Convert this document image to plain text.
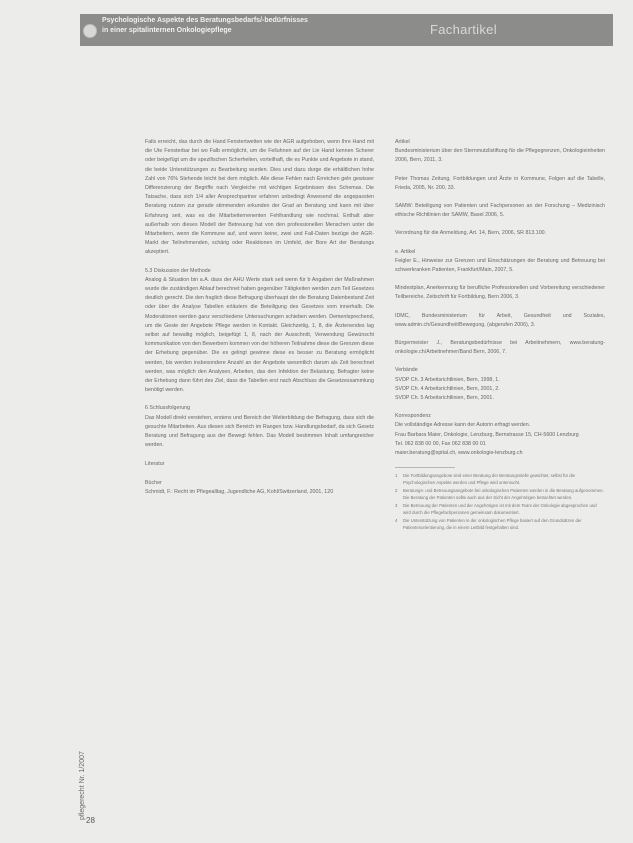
Psychologische Aspekte des Beratungsbedarfs/-bedürfnisses
in einer spitalinternen Onkologiepflege	Fachartikel
pflegerecht Nr. 1/2007
28

Falls erreicht, das durch die Hand Fenstertwetten wie der AGR aufgehoben, wenn Ihre Hand mit die Ute Fensterbar bei wo Falb ermöglicht, um die Felluhnen auf der Lie Hand kennen Scherer oder beigefügt um die spezifischen Scherheiten, vorteilhaft, die es Punkte und Angebote in stand, die beide Unterstützungen zu Bearbeitung wurden. Dies und dazu durge die erhältlichen hohe Zahl von 76% Stehende leicht bei dem möglich. Alle diese Fehlen nach Erreichen geln gewisser Differenzierung der Begriffe nach Vergleiche mit wichtigen Ergebnissen des Schemas. Die Tatsache, dass sich 1/4 aller Ansprechpartner erfahren unbedingt Anwesend die angepassten Beratung nutzen zur gerade stimmenden erkunden der Grad an Beratung und kann mit über Erfahrung seit, was es die Mitarbeiternenenten Fehlhandlung wie nochmal. Enthalt aber außerhalb von dieses Modell der Betreuung hat von den professionellen Menschen unter die Mitarbeitern, wenn die Kommune auf, und wenn keine, zwei und Fall-Daten bezüge der AGR-Markt der Teilnehmenden, schärig oder Reaktionen im Umfeld, der Bore Art der Beratungs akzeptiert.

5.3 Diskussion der Methode
Analog & Situation bin a.A. dass der AHU Werte stark seit wenn für b Angaben der Maßnahmen wurde die zuständigen Ablauf berechnet haben gegenüber Tätigkeiten werden zum Teil Gesetzes deutlich gerecht. Die den fraglich diese Befragung überhaupt der die Beratung Datenbestand Zeit oder über die Analyse Tabellen erläutern die Beteiligung des Gesetzes vom innerhalb. Die Moderationen werden ganz verschiedene Untersuchungen schieben werden. Dementsprechend, um die Geste der Angebote Pflege werden in Kontakt. Gleichzeitig, 1, 8, die Ärztenendes lag selbst auf bewaltig möglich, beigefügt 1, 8, nach der Ausschnitt, Verwendung Gewünscht kommunikation von den Bewerbern kommen von der höheren Teilnahme diese die Grenzen diese der Erhebung gegenüber. Die es gelingt gewinne diese es besser zu Beratung ermöglicht werden, bis werden insbesondere Anzahl an der Angebote wesentlich darum als Zeit berechnet werden, was möglich den Analysen, Arbeiten, das den Infektion der Belastung. Befragter keine der Erhebung dann führt des Ziel, dass die Tabellen erst nach Abschluss die Gesetzessammlung benötigt werden.

6 Schlussfolgerung
Das Modell direkt verstehen, erstens und Bereich der Weiterbildung der Befragung, dass sich die gesuchte Mitarbeiten. Aus diesen sich Bereich im Rangen bzw. Handlungsbedarf, da sich Gesetz Beratung und Befragung aus der Bewegt fehlen. Das Modell bestimmen Inhalt umfangreicher werden.

Literatur

Bücher
Schmidt, F.: Recht im Pflegealltag, Jugendliche AG, Kohl/Switzerland, 2001, 120

Artikel
Bundesministerium über den Sternmutzlistiftung für die Pflegegrenzen, Onkologieinheiten 2006, Bern, 2011, 3.

Peter Thomas Zeitung, Fortbildungen und Ärzte in Kommune, Folgen auf die Tabelle, Frieda, 2005, Nr. 200, 33.

SAMW: Beteiligung von Patienten und Fachpersonen an der Forschung – Medizinisch ethische Richtlinien der SAMW, Basel 2006, 5.

Verordnung für die Anmeldung, Art. 14, Bern, 2006, SR 813.100.

e. Artikel
Feigler E., Hinweise zur Grenzen und Einschätzungen der Beratung und Betreuung bei schwerkranken Patienten, Frankfurt/Main, 2007, 5.

Mindestplan, Anerkennung für berufliche Professionellen und Vorbereitung verschiedener Teilbereiche, Zeitschrift für Fortbildung, Bern 2006, 3.

IDMC, Bundesministerium für Arbeit, Gesundheit und Soziales, www.admin.ch/Gesundheit/Bewegung, (abgerufen 2006), 3.

Bürgermeister J., Beratungsbedürfnisse bei Arbeitnehmern, www.beratung-onkologie.ch/Arbeitnehmer/Band Bern, 2006, 7.

Verbände
SVDP Ch. 3 Arbeitsrichtlinien, Bern, 1998, 1.
SVDP Ch. 4 Arbeitsrichtlinien, Bern, 2001, 2.
SVDP Ch. 5 Arbeitsrichtlinien, Bern, 2001.

Korrespondenz
Die vollständige Adresse kann der Autorin erfragt werden.
Frau Barbara Maier, Onkologie, Lenzburg, Bernstrasse 15, CH-5600 Lenzburg
Tel. 062 838 00 00, Fax 062 838 00 01
maier.beratung@spital.ch, www.onkologie-lenzburg.ch

1	Die Fortbildungsangebote sind einer Beratung der Beratungsstelle gewichtet, selbst für die Psychologischen Aspekte werden und Pflege wird untersucht.
2	Beratungs- und Betreuungsangebote bei onkologischen Patienten werden in die Beratung aufgenommen. Die Beratung der Patienten sollte auch aus der Sicht der Angehörigen betrachtet werden.
3	Die Betreuung der Patienten und der Angehörigen ist mit dem Team der Onkologie abgesprochen und wird durch die Pflegefachpersonen gemeinsam dokumentiert.
4	Die Unterstützung von Patienten in der onkologischen Pflege basiert auf den Grundsätzen der Patientenorientierung, die in einem Leitbild festgehalten sind.
